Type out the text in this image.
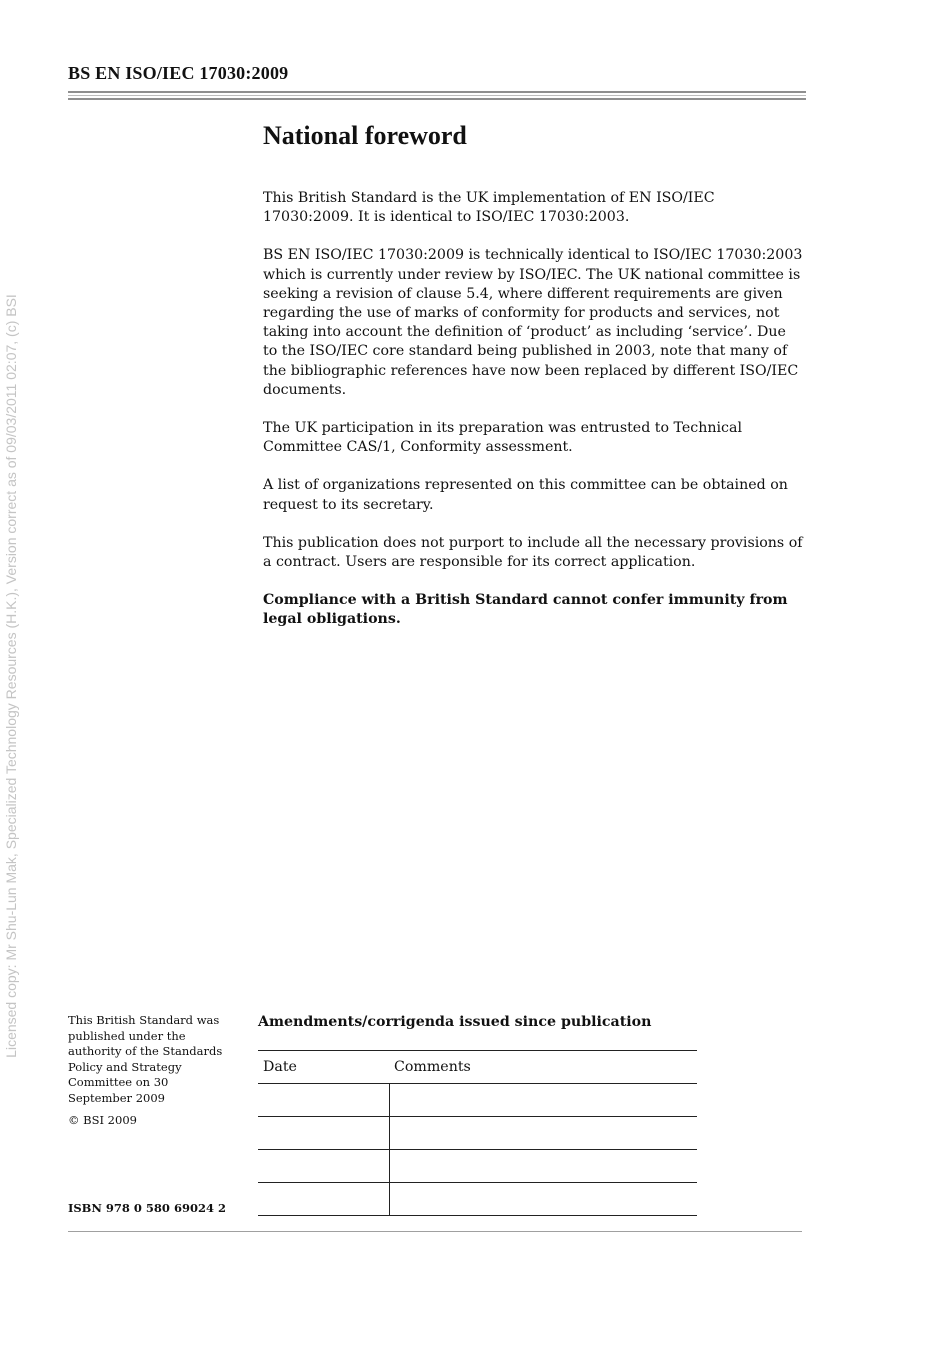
Licensed copy: Mr Shu-Lun Mak, Specialized Technology Resources (H.K.), Version correct as of 09/03/2011 02:07, (c) BSI
BS EN ISO/IEC 17030:2009
National foreword

This British Standard is the UK implementation of EN ISO/IEC 17030:2009. It is identical to ISO/IEC 17030:2003.

BS EN ISO/IEC 17030:2009 is technically identical to ISO/IEC 17030:2003 which is currently under review by ISO/IEC. The UK national committee is seeking a revision of clause 5.4, where different requirements are given regarding the use of marks of conformity for products and services, not taking into account the definition of ‘product’ as including ‘service’. Due to the ISO/IEC core standard being published in 2003, note that many of the bibliographic references have now been replaced by different ISO/IEC documents.

The UK participation in its preparation was entrusted to Technical Committee CAS/1, Conformity assessment.

A list of organizations represented on this committee can be obtained on request to its secretary.

This publication does not purport to include all the necessary provisions of a contract. Users are responsible for its correct application.

Compliance with a British Standard cannot confer immunity from legal obligations.

This British Standard was published under the authority of the Standards Policy and Strategy Committee on 30 September 2009
© BSI 2009
ISBN 978 0 580 69024 2
Amendments/corrigenda issued since publication
Date	Comments
